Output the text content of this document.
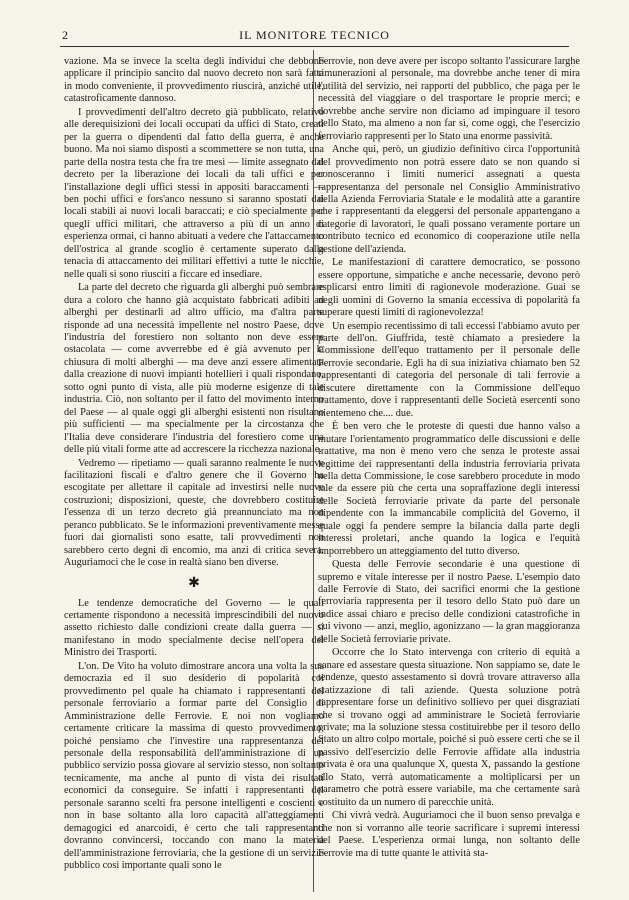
2	IL MONITORE TECNICO

vazione. Ma se invece la scelta degli individui che debbono applicare il principio sancito dal nuovo decreto non sarà fatta in modo conveniente, il provvedimento riuscirà, anziché utile, catastroficamente dannoso.

I provvedimenti dell'altro decreto già pubblicato, relativo alle derequisizioni dei locali occupati da uffici di Stato, creati per la guerra o dipendenti dal fatto della guerra, è anche buono. Ma noi siamo disposti a scommettere se non tutta, una parte della nostra testa che fra tre mesi — limite assegnato dal decreto per la liberazione dei locali da tali uffici e per l'installazione degli uffici stessi in appositi baraccamenti — ben pochi uffici e fors'anco nessuno si saranno spostati dai locali stabili ai nuovi locali baraccati; e ciò specialmente per quegli uffici militari, che attraverso a più di un anno di esperienza ormai, ci hanno abituati a vedere che l'attaccamento dell'ostrica al grande scoglio è certamente superato dalla tenacia di attaccamento dei militari effettivi a tutte le nicchie, nelle quali si sono riusciti a ficcare ed insediare.

La parte del decreto che riguarda gli alberghi può sembrare dura a coloro che hanno già acquistato fabbricati adibiti ad alberghi per destinarli ad altro ufficio, ma d'altra parte risponde ad una necessità impellente nel nostro Paese, dove l'industria del forestiero non soltanto non deve essere ostacolata — come avverrebbe ed è già avvenuto per la chiusura di molti alberghi — ma deve anzi essere alimentata dalla creazione di nuovi impianti hotellieri i quali rispondano, sotto ogni punto di vista, alle più moderne esigenze di tale industria. Ciò, non soltanto per il fatto del movimento interno del Paese — al quale oggi gli alberghi esistenti non risultano più sufficienti — ma specialmente per la circostanza che l'Italia deve considerare l'industria del forestiero come una delle più vitali forme atte ad accrescere la ricchezza nazionale.

Vedremo — ripetiamo — quali saranno realmente le nuove facilitazioni fiscali e d'altro genere che il Governo ha escogitate per allettare il capitale ad investirsi nelle nuove costruzioni; disposizioni, queste, che dovrebbero costituire l'essenza di un terzo decreto già preannunciato ma non peranco pubblicato. Se le informazioni preventivamente messe fuori dai giornalisti sono esatte, tali provvedimenti non sarebbero certo degni di encomio, ma anzi di critica severa. Auguriamoci che le cose in realtà siano ben diverse.

✱

Le tendenze democratiche del Governo — le quali certamente rispondono a necessità imprescindibili del nuovo assetto richiesto dalle condizioni create dalla guerra — si manifestano in modo specialmente decise nell'opera del Ministro dei Trasporti.

L'on. De Vito ha voluto dimostrare ancora una volta la sua democrazia ed il suo desiderio di popolarità coi provvedimento pel quale ha chiamato i rappresentanti del personale ferroviario a formar parte del Consiglio di Amministrazione delle Ferrovie. E noi non vogliamo certamente criticare la massima di questo provvedimento, poiché pensiamo che l'investire una rappresentanza del personale della responsabilità dell'amministrazione di un pubblico servizio possa giovare al servizio stesso, non soltanto tecnicamente, ma anche al punto di vista dei risultati economici da conseguire. Se infatti i rappresentanti del personale saranno scelti fra persone intelligenti e coscienti e non in base soltanto alla loro capacità all'atteggiamenti demagogici ed anarcoidi, è certo che tali rappresentanti dovranno convincersi, toccando con mano la materia dell'amministrazione ferroviaria, che la gestione di un servizio pubblico così importante quali sono le

Ferrovie, non deve avere per iscopo soltanto l'assicurare larghe rimunerazioni al personale, ma dovrebbe anche tener di mira l'utilità del servizio, nei rapporti del pubblico, che paga per le necessità del viaggiare o del trasportare le proprie merci; e dovrebbe anche servire non diciamo ad impinguare il tesoro dello Stato, ma almeno a non far sì, come oggi, che l'esercizio ferroviario rappresenti per lo Stato una enorme passività.

Anche qui, però, un giudizio definitivo circa l'opportunità del provvedimento non potrà essere dato se non quando si conosceranno i limiti numerici assegnati a questa rappresentanza del personale nel Consiglio Amministrativo della Azienda Ferroviaria Statale e le modalità atte a garantire che i rappresentanti da eleggersi del personale appartengano a categorie di lavoratori, le quali possano veramente portare un contributo tecnico ed economico di cooperazione utile nella gestione dell'azienda.

Le manifestazioni di carattere democratico, se possono essere opportune, simpatiche e anche necessarie, devono però esplicarsi entro limiti di ragionevole moderazione. Guai se negli uomini di Governo la smania eccessiva di popolarità fa superare questi limiti di ragionevolezza!

Un esempio recentissimo di tali eccessi l'abbiamo avuto per parte dell'on. Giuffrida, testè chiamato a presiedere la Commissione dell'equo trattamento per il personale delle Ferrovie secondarie. Egli ha di sua iniziativa chiamato ben 52 rappresentanti di categoria del personale di tali ferrovie a discutere direttamente con la Commissione dell'equo trattamento, dove i rappresentanti delle Società esercenti sono nientemeno che.... due.

È ben vero che le proteste di questi due hanno valso a mutare l'orientamento programmatico delle discussioni e delle trattative, ma non è meno vero che senza le proteste assai legittime dei rappresentanti della industria ferroviaria privata nella detta Commissione, le cose sarebbero procedute in modo tale da essere più che certa una sopraffazione degli interessi delle Società ferroviarie private da parte del personale dipendente con la immancabile complicità del Governo, il quale oggi fa pendere sempre la bilancia dalla parte degli interessi proletari, anche quando la logica e l'equità imporrebbero un atteggiamento del tutto diverso.

Questa delle Ferrovie secondarie è una questione di supremo e vitale interesse per il nostro Paese. L'esempio dato dalle Ferrovie di Stato, dei sacrifici enormi che la gestione ferroviaria rappresenta per il tesoro dello Stato può dare un indice assai chiaro e preciso delle condizioni catastrofiche in cui vivono — anzi, meglio, agonizzano — la gran maggioranza delle Società ferroviarie private.

Occorre che lo Stato intervenga con criterio di equità a sanare ed assestare questa situazione. Non sappiamo se, date le tendenze, questo assestamento si dovrà trovare attraverso alla statizzazione di tali aziende. Questa soluzione potrà rappresentare forse un definitivo sollievo per quei disgraziati che si trovano oggi ad amministrare le Società ferroviarie private; ma la soluzione stessa costituirebbe per il tesoro dello Stato un altro colpo mortale, poiché si può essere certi che se il passivo dell'esercizio delle Ferrovie affidate alla industria privata è ora una qualunque X, questa X, passando la gestione allo Stato, verrà automaticamente a moltiplicarsi per un parametro che potrà essere variabile, ma che certamente sarà costituito da un numero di parecchie unità.

Chi vivrà vedrà. Auguriamoci che il buon senso prevalga e che non si vorranno alle teorie sacrificare i supremi interessi del Paese. L'esperienza ormai lunga, non soltanto delle Ferrovie ma di tutte quante le attività sta-
